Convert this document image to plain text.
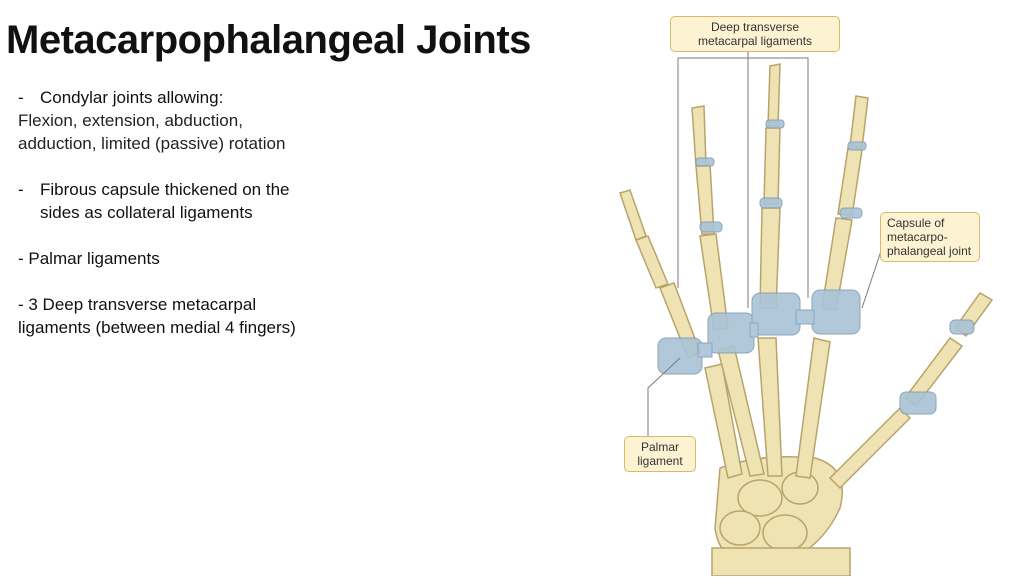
Metacarpophalangeal Joints

- Condylar joints allowing:

Flexion, extension, abduction, adduction, limited (passive) rotation

- Fibrous capsule thickened on the

sides as collateral ligaments

- Palmar ligaments

- 3 Deep transverse metacarpal

ligaments (between medial 4 fingers)

Deep transverse
metacarpal ligaments
Capsule of
metacarpo-
phalangeal joint
Palmar
ligament
